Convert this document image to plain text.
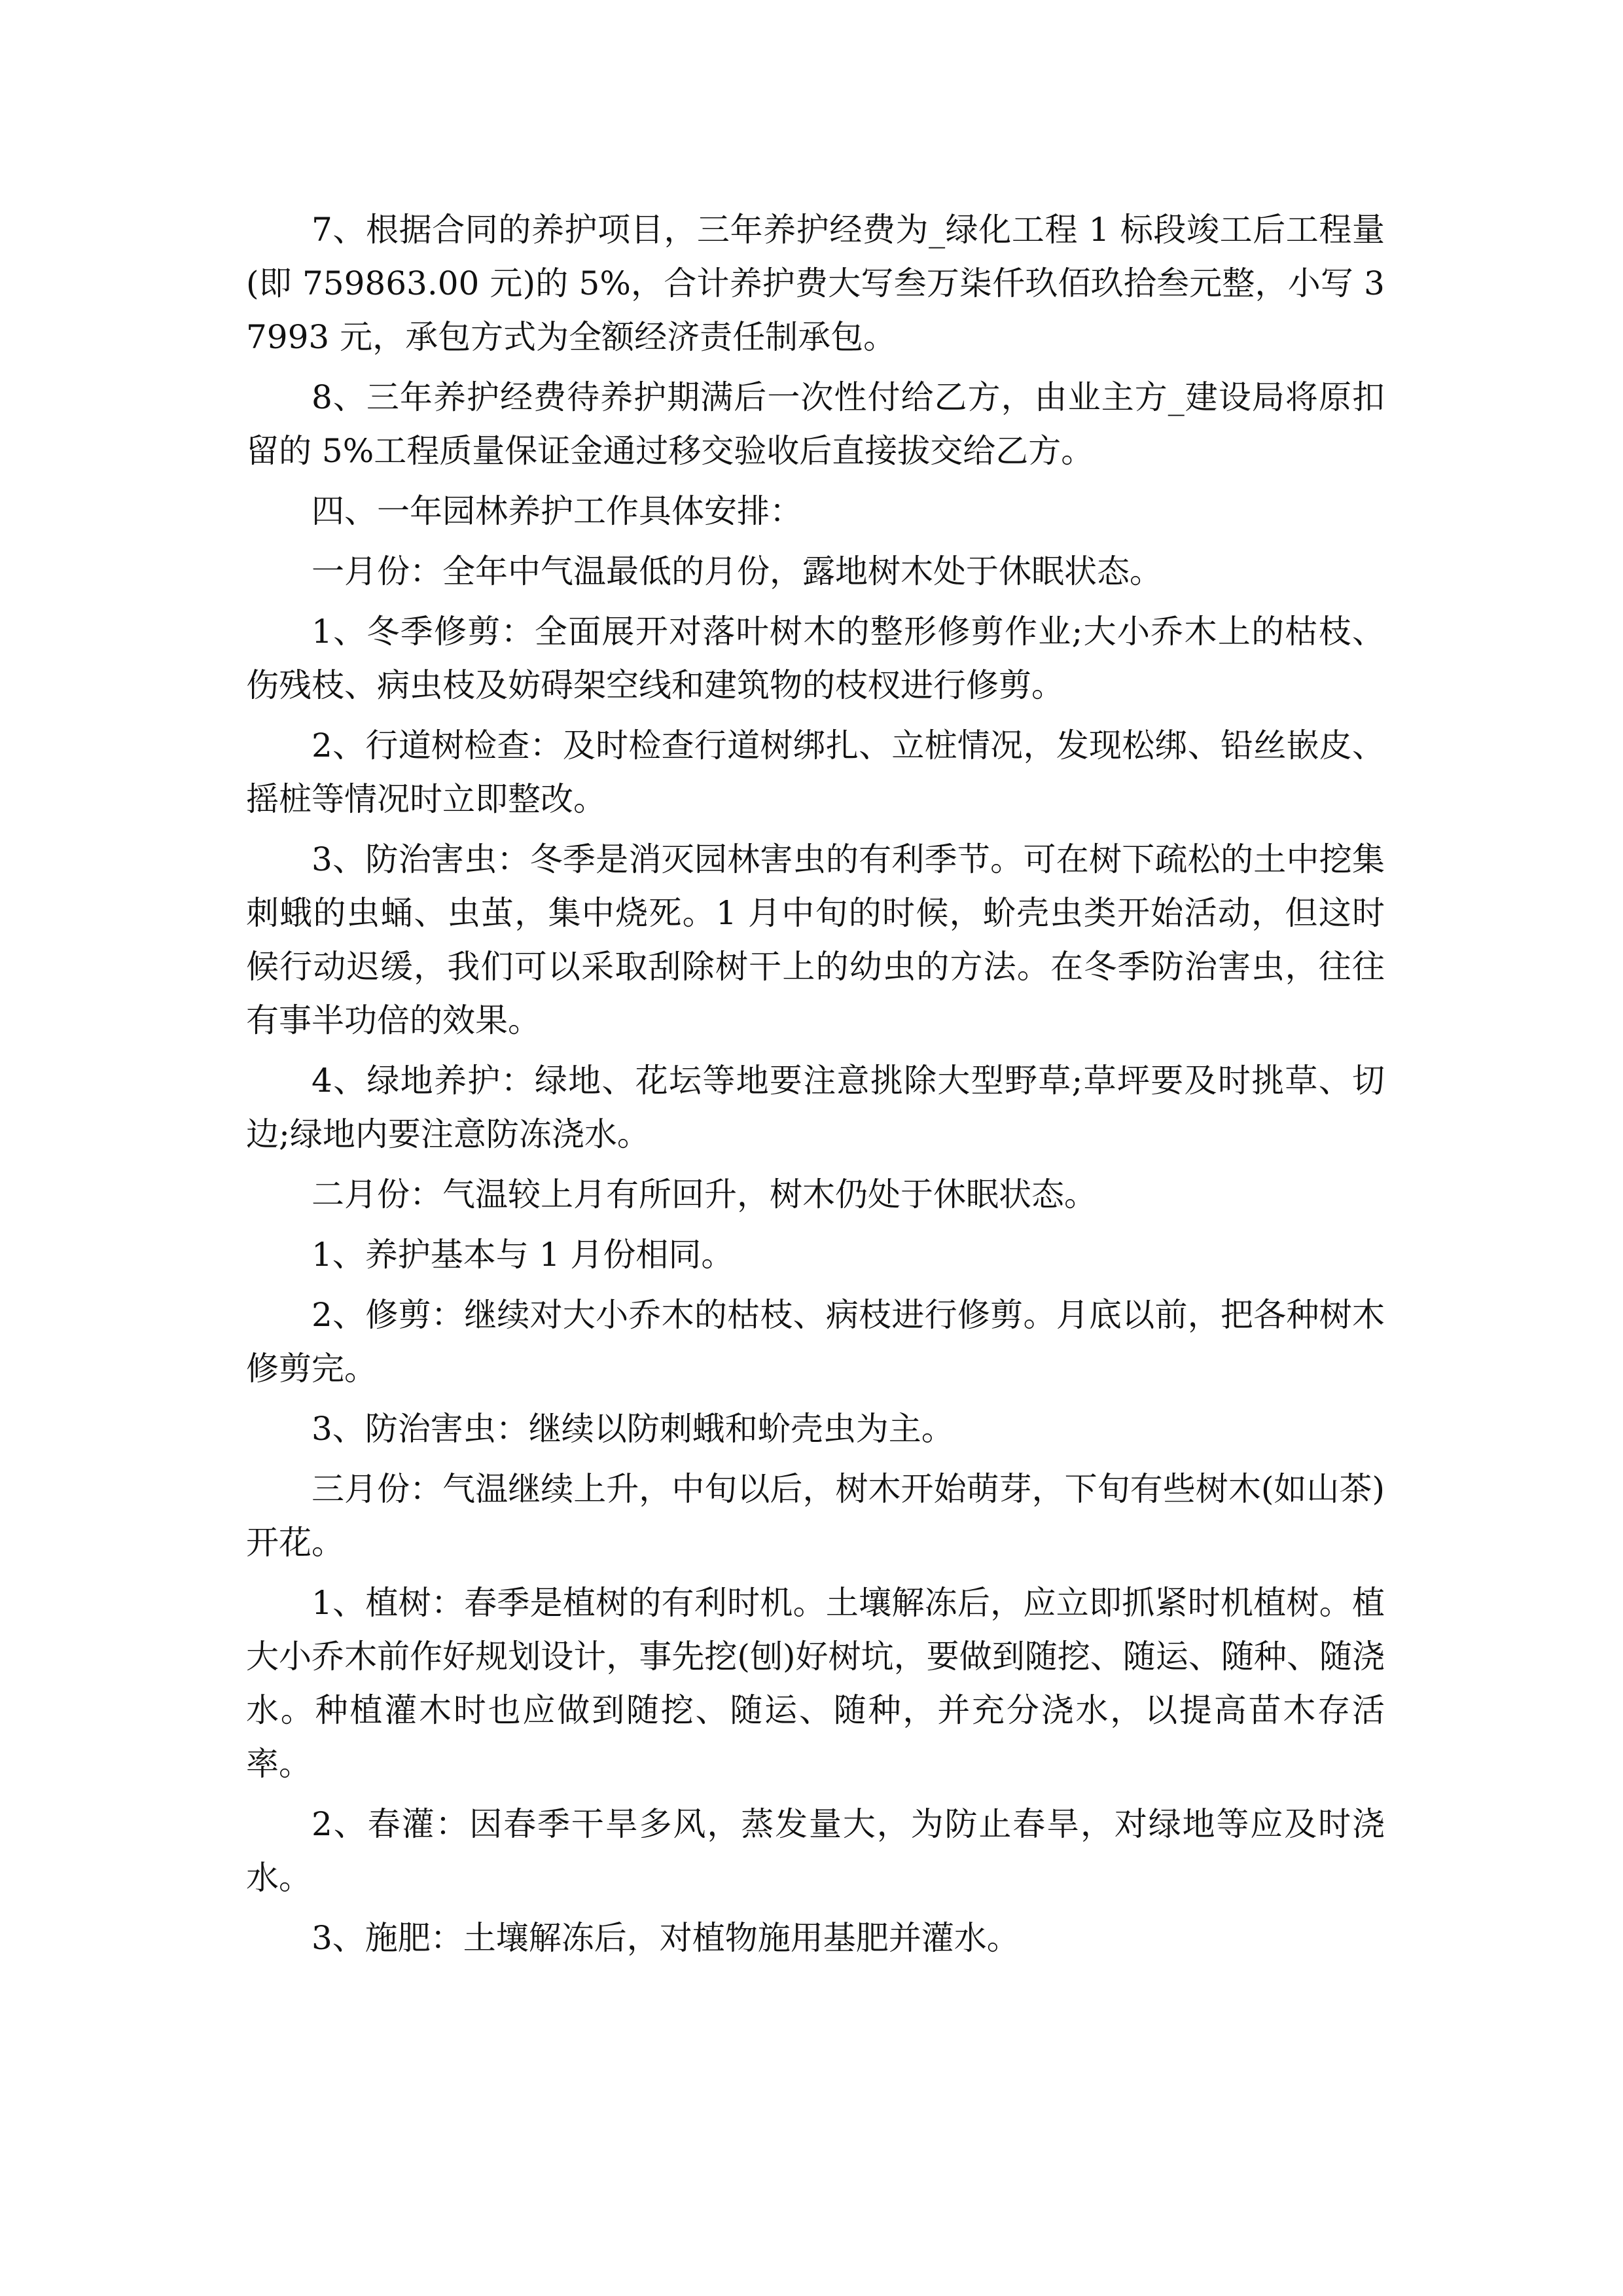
7、根据合同的养护项目，三年养护经费为_绿化工程 1 标段竣工后工程量(即 759863.00 元)的 5%，合计养护费大写叁万柒仟玖佰玖拾叁元整，小写 37993 元，承包方式为全额经济责任制承包。

8、三年养护经费待养护期满后一次性付给乙方，由业主方_建设局将原扣留的 5%工程质量保证金通过移交验收后直接拔交给乙方。

四、一年园林养护工作具体安排：

一月份：全年中气温最低的月份，露地树木处于休眠状态。

1、冬季修剪：全面展开对落叶树木的整形修剪作业;大小乔木上的枯枝、伤残枝、病虫枝及妨碍架空线和建筑物的枝杈进行修剪。

2、行道树检查：及时检查行道树绑扎、立桩情况，发现松绑、铅丝嵌皮、摇桩等情况时立即整改。

3、防治害虫：冬季是消灭园林害虫的有利季节。可在树下疏松的土中挖集刺蛾的虫蛹、虫茧，集中烧死。1 月中旬的时候，蚧壳虫类开始活动，但这时候行动迟缓，我们可以采取刮除树干上的幼虫的方法。在冬季防治害虫，往往有事半功倍的效果。

4、绿地养护：绿地、花坛等地要注意挑除大型野草;草坪要及时挑草、切边;绿地内要注意防冻浇水。

二月份：气温较上月有所回升，树木仍处于休眠状态。

1、养护基本与 1 月份相同。

2、修剪：继续对大小乔木的枯枝、病枝进行修剪。月底以前，把各种树木修剪完。

3、防治害虫：继续以防刺蛾和蚧壳虫为主。

三月份：气温继续上升，中旬以后，树木开始萌芽，下旬有些树木(如山茶)开花。

1、植树：春季是植树的有利时机。土壤解冻后，应立即抓紧时机植树。植大小乔木前作好规划设计，事先挖(刨)好树坑，要做到随挖、随运、随种、随浇水。种植灌木时也应做到随挖、随运、随种，并充分浇水，以提高苗木存活率。

2、春灌：因春季干旱多风，蒸发量大，为防止春旱，对绿地等应及时浇水。

3、施肥：土壤解冻后，对植物施用基肥并灌水。
